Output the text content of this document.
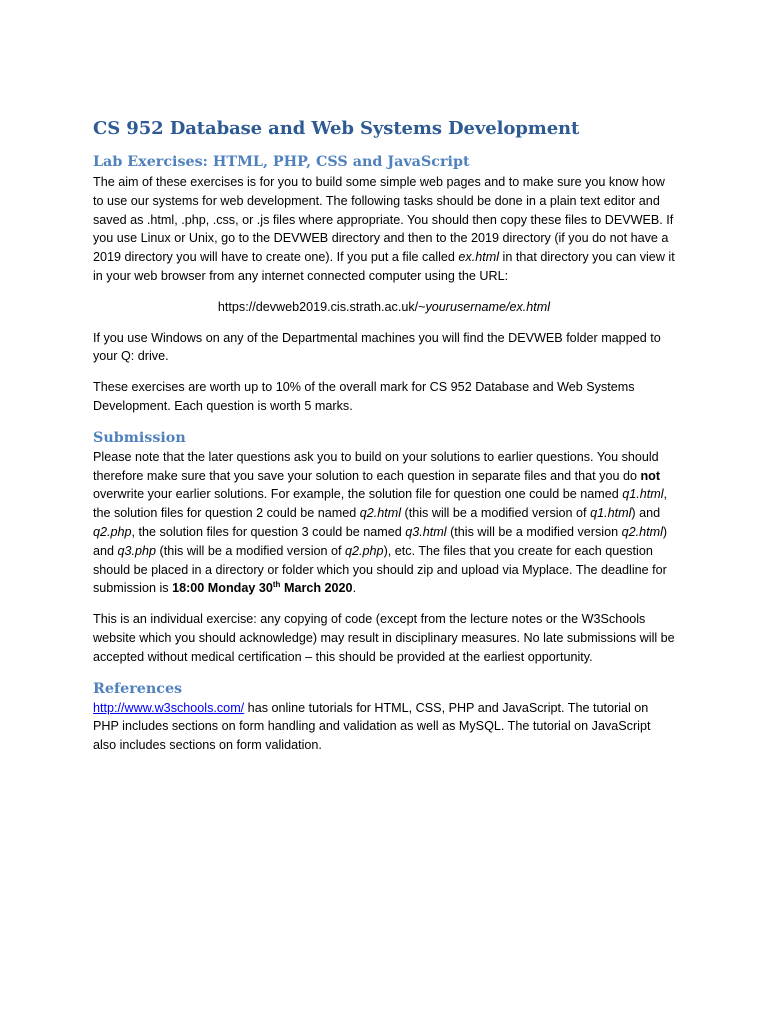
CS 952 Database and Web Systems Development
Lab Exercises: HTML, PHP, CSS and JavaScript

The aim of these exercises is for you to build some simple web pages and to make sure you know how to use our systems for web development. The following tasks should be done in a plain text editor and saved as .html, .php, .css, or .js files where appropriate. You should then copy these files to DEVWEB. If you use Linux or Unix, go to the DEVWEB directory and then to the 2019 directory (if you do not have a 2019 directory you will have to create one). If you put a file called ex.html in that directory you can view it in your web browser from any internet connected computer using the URL:

https://devweb2019.cis.strath.ac.uk/~yourusername/ex.html

If you use Windows on any of the Departmental machines you will find the DEVWEB folder mapped to your Q: drive.

These exercises are worth up to 10% of the overall mark for CS 952 Database and Web Systems Development. Each question is worth 5 marks.

Submission

Please note that the later questions ask you to build on your solutions to earlier questions. You should therefore make sure that you save your solution to each question in separate files and that you do not overwrite your earlier solutions. For example, the solution file for question one could be named q1.html, the solution files for question 2 could be named q2.html (this will be a modified version of q1.html) and q2.php, the solution files for question 3 could be named q3.html (this will be a modified version q2.html) and q3.php (this will be a modified version of q2.php), etc. The files that you create for each question should be placed in a directory or folder which you should zip and upload via Myplace. The deadline for submission is 18:00 Monday 30th March 2020.

This is an individual exercise: any copying of code (except from the lecture notes or the W3Schools website which you should acknowledge) may result in disciplinary measures. No late submissions will be accepted without medical certification – this should be provided at the earliest opportunity.

References

http://www.w3schools.com/ has online tutorials for HTML, CSS, PHP and JavaScript. The tutorial on PHP includes sections on form handling and validation as well as MySQL. The tutorial on JavaScript also includes sections on form validation.
